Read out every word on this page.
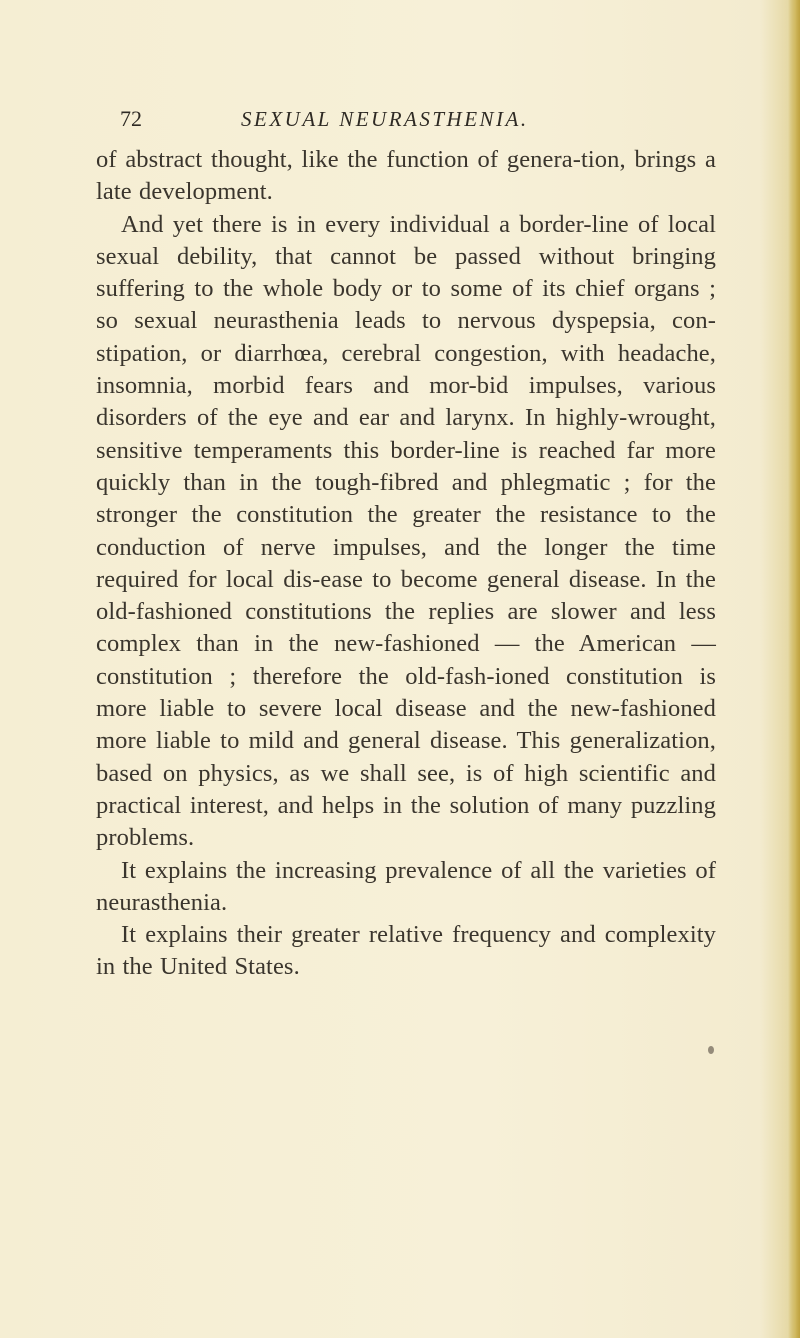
72	SEXUAL NEURASTHENIA.

of abstract thought, like the function of genera-tion, brings a late development.

And yet there is in every individual a border-line of local sexual debility, that cannot be passed without bringing suffering to the whole body or to some of its chief organs ; so sexual neurasthenia leads to nervous dyspepsia, con-stipation, or diarrhœa, cerebral congestion, with headache, insomnia, morbid fears and mor-bid impulses, various disorders of the eye and ear and larynx. In highly-wrought, sensitive temperaments this border-line is reached far more quickly than in the tough-fibred and phlegmatic ; for the stronger the constitution the greater the resistance to the conduction of nerve impulses, and the longer the time required for local dis-ease to become general disease. In the old-fashioned constitutions the replies are slower and less complex than in the new-fashioned — the American —constitution ; therefore the old-fash-ioned constitution is more liable to severe local disease and the new-fashioned more liable to mild and general disease. This generalization, based on physics, as we shall see, is of high scientific and practical interest, and helps in the solution of many puzzling problems.

It explains the increasing prevalence of all the varieties of neurasthenia.

It explains their greater relative frequency and complexity in the United States.
